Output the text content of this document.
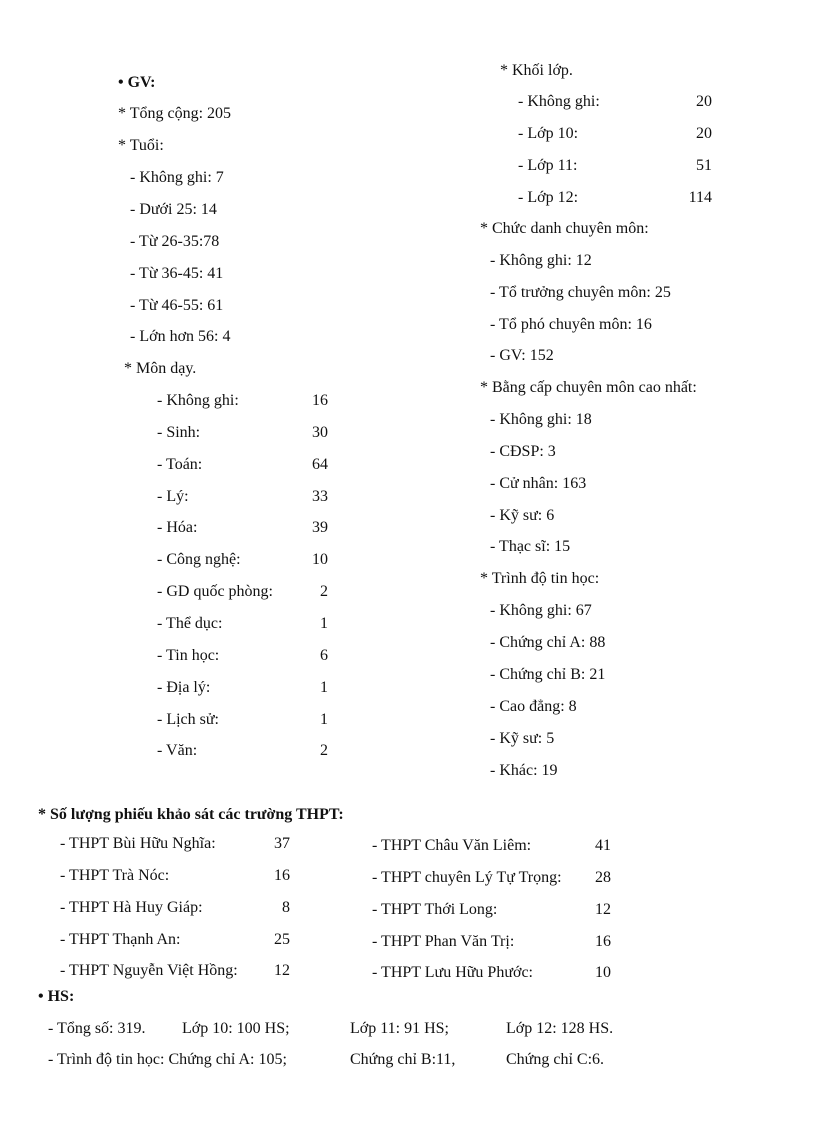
• GV:
* Tổng cộng: 205
* Tuổi:
- Không ghi: 7
- Dưới 25: 14
- Từ 26-35:78
- Từ 36-45: 41
- Từ 46-55: 61
- Lớn hơn 56: 4
* Môn dạy.
- Không ghi:	16
- Sinh:	30
- Toán:	64
- Lý:	33
- Hóa:	39
- Công nghệ:	10
- GD quốc phòng:	2
- Thể dục:	1
- Tin học:	6
- Địa lý:	1
- Lịch sử:	1
- Văn:	2
* Khối lớp.
- Không ghi:	20
- Lớp 10:	20
- Lớp 11:	51
- Lớp 12:	114
* Chức danh chuyên môn:
- Không ghi: 12
- Tổ trưởng chuyên môn: 25
- Tổ phó chuyên môn: 16
- GV: 152
* Bằng cấp chuyên môn cao nhất:
- Không ghi: 18
- CĐSP: 3
- Cử nhân: 163
- Kỹ sư: 6
- Thạc sĩ: 15
* Trình độ tin học:
- Không ghi: 67
- Chứng chỉ A: 88
- Chứng chỉ B: 21
- Cao đẳng: 8
- Kỹ sư: 5
- Khác: 19
* Số lượng phiếu khảo sát các trường THPT:
- THPT Bùi Hữu Nghĩa:	37
- THPT Trà Nóc:	16
- THPT Hà Huy Giáp:	8
- THPT Thạnh An:	25
- THPT Nguyễn Việt Hồng:	12
- THPT Châu Văn Liêm:	41
- THPT chuyên Lý Tự Trọng:	28
- THPT Thới Long:	12
- THPT Phan Văn Trị:	16
- THPT Lưu Hữu Phước:	10
• HS:
- Tổng số: 319. Lớp 10: 100 HS;	Lớp 11: 91 HS;	Lớp 12: 128 HS.
- Trình độ tin học: Chứng chỉ A: 105;	Chứng chỉ B:11,	Chứng chỉ C:6.
